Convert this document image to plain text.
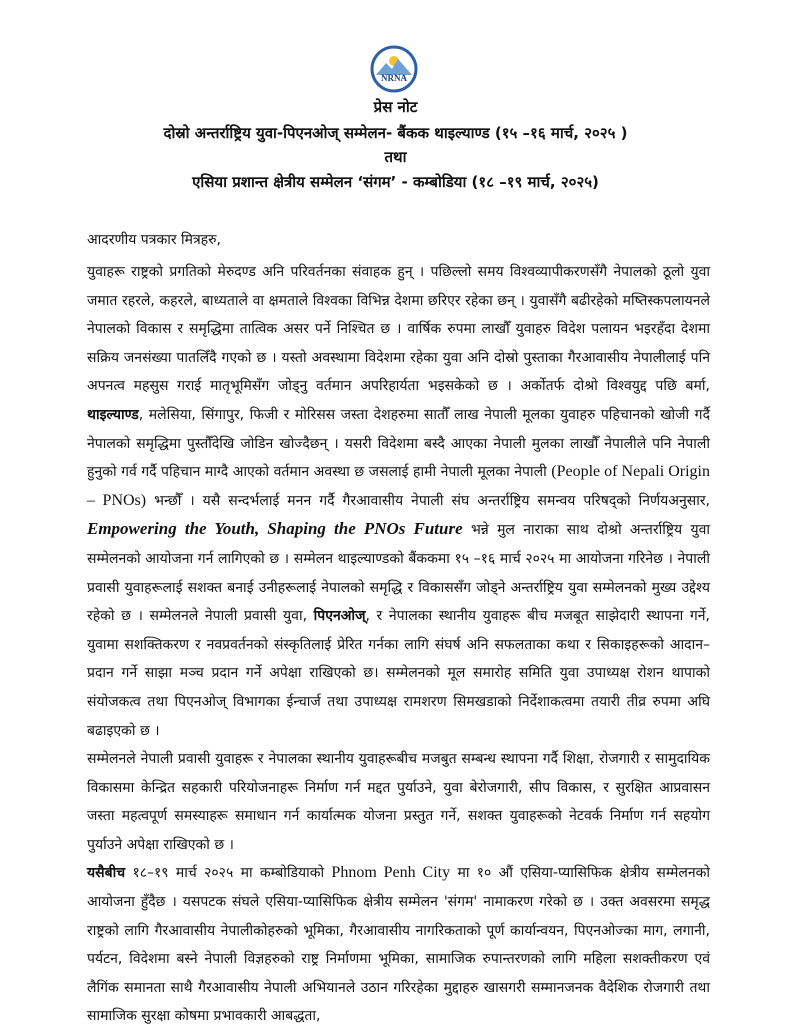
NRNA
प्रेस नोट
दोस्रो अन्तर्राष्ट्रिय युवा-पिएनओज् सम्मेलन- बैंकक थाइल्याण्ड (१५ –१६ मार्च, २०२५ )
तथा
एसिया प्रशान्त क्षेत्रीय सम्मेलन ‘संगम’ - कम्बोडिया (१८ –१९ मार्च, २०२५)
आदरणीय पत्रकार मित्रहरु,

युवाहरू राष्ट्रको प्रगतिको मेरुदण्ड अनि परिवर्तनका संवाहक हुन् । पछिल्लो समय विश्वव्यापीकरणसँगै नेपालको ठूलो युवा जमात रहरले, कहरले, बाध्यताले वा क्षमताले विश्वका विभिन्न देशमा छरिएर रहेका छन् । युवासँगै बढीरहेको मष्तिस्कपलायनले नेपालको विकास र समृद्धिमा तात्विक असर पर्ने निश्चित छ । वार्षिक रुपमा लाखौँ युवाहरु विदेश पलायन भइरहँदा देशमा सक्रिय जनसंख्या पातलिँदै गएको छ । यस्तो अवस्थामा विदेशमा रहेका युवा अनि दोस्रो पुस्ताका गैरआवासीय नेपालीलाई पनि अपनत्व महसुस गराई मातृभूमिसँग जोड्नु वर्तमान अपरिहार्यता भइसकेको छ । अर्कोतर्फ दोश्रो विश्वयुद्द पछि बर्मा, थाइल्याण्ड, मलेसिया, सिंगापुर, फिजी र मोरिसस जस्ता देशहरुमा सातौँ लाख नेपाली मूलका युवाहरु पहिचानको खोजी गर्दै नेपालको समृद्धिमा पुस्तौँदेखि जोडिन खोज्दैछन् । यसरी विदेशमा बस्दै आएका नेपाली मुलका लाखौँ नेपालीले पनि नेपाली हुनुको गर्व गर्दै पहिचान माग्दै आएको वर्तमान अवस्था छ जसलाई हामी नेपाली मूलका नेपाली (People of Nepali Origin – PNOs) भन्छौँ । यसै सन्दर्भलाई मनन गर्दै गैरआवासीय नेपाली संघ अन्तर्राष्ट्रिय समन्वय परिषद्को निर्णयअनुसार, Empowering the Youth, Shaping the PNOs Future भन्ने मुल नाराका साथ दोश्रो अन्तर्राष्ट्रिय युवा सम्मेलनको आयोजना गर्न लागिएको छ । सम्मेलन थाइल्याण्डको बैंककमा १५ –१६ मार्च २०२५ मा आयोजना गरिनेछ । नेपाली प्रवासी युवाहरूलाई सशक्त बनाई उनीहरूलाई नेपालको समृद्धि र विकाससँग जोड्ने अन्तर्राष्ट्रिय युवा सम्मेलनको मुख्य उद्देश्य रहेको छ । सम्मेलनले नेपाली प्रवासी युवा, पिएनओज्, र नेपालका स्थानीय युवाहरू बीच मजबूत साझेदारी स्थापना गर्ने, युवामा सशक्तिकरण र नवप्रवर्तनको संस्कृतिलाई प्रेरित गर्नका लागि संघर्ष अनि सफलताका कथा र सिकाइहरूको आदान–प्रदान गर्ने साझा मञ्च प्रदान गर्ने अपेक्षा राखिएको छ। सम्मेलनको मूल समारोह समिति युवा उपाध्यक्ष रोशन थापाको संयोजकत्व तथा पिएनओज् विभागका ईन्चार्ज तथा उपाध्यक्ष रामशरण सिमखडाको निर्देशाकत्वमा तयारी तीव्र रुपमा अघि बढाइएको छ ।

सम्मेलनले नेपाली प्रवासी युवाहरू र नेपालका स्थानीय युवाहरूबीच मजबुत सम्बन्ध स्थापना गर्दै शिक्षा, रोजगारी र सामुदायिक विकासमा केन्द्रित सहकारी परियोजनाहरू निर्माण गर्न मद्दत पुर्याउने, युवा बेरोजगारी, सीप विकास, र सुरक्षित आप्रवासन जस्ता महत्वपूर्ण समस्याहरू समाधान गर्न कार्यात्मक योजना प्रस्तुत गर्ने, सशक्त युवाहरूको नेटवर्क निर्माण गर्न सहयोग पुर्याउने अपेक्षा राखिएको छ ।

यसैबीच १८–१९ मार्च २०२५ मा कम्बोडियाको Phnom Penh City मा १० औं एसिया-प्यासिफिक क्षेत्रीय सम्मेलनको आयोजना हुँदैछ । यसपटक संघले एसिया-प्यासिफिक क्षेत्रीय सम्मेलन 'संगम' नामाकरण गरेको छ । उक्त अवसरमा समृद्ध राष्ट्रको लागि गैरआवासीय नेपालीकोहरुको भूमिका, गैरआवासीय नागरिकताको पूर्ण कार्यान्वयन, पिएनओज्का माग, लगानी, पर्यटन, विदेशमा बस्ने नेपाली विज्ञहरुको राष्ट्र निर्माणमा भूमिका, सामाजिक रुपान्तरणको लागि महिला सशक्तीकरण एवं लैगिंक समानता साथै गैरआवासीय नेपाली अभियानले उठान गरिरहेका मुद्दाहरु खासगरी सम्मानजनक वैदेशिक रोजगारी तथा सामाजिक सुरक्षा कोषमा प्रभावकारी आबद्धता,
